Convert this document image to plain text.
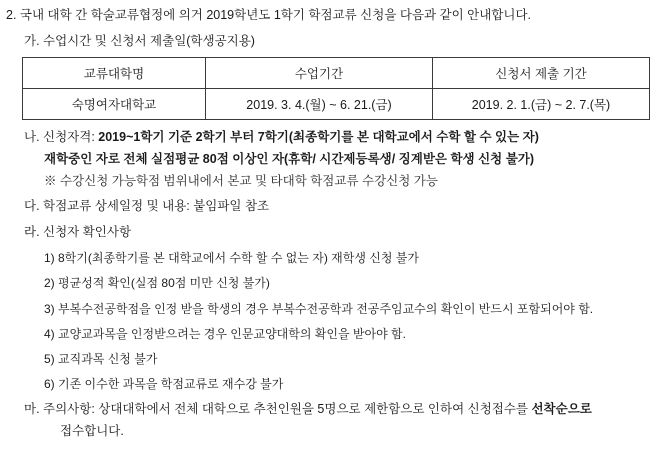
2. 국내 대학 간 학술교류협정에 의거 2019학년도 1학기 학점교류 신청을 다음과 같이 안내합니다.
가. 수업시간 및 신청서 제출일(학생공지용)
교류대학명	수업기간	신청서 제출 기간
숙명여자대학교	2019. 3. 4.(월) ~ 6. 21.(금)	2019. 2. 1.(금) ~ 2. 7.(목)
나. 신청자격: 2019~1학기 기준 2학기 부터 7학기(최종학기를 본 대학교에서 수학 할 수 있는 자)
재학중인 자로 전체 실점평균 80점 이상인 자(휴학/ 시간제등록생/ 징계받은 학생 신청 불가)
※ 수강신청 가능학점 범위내에서 본교 및 타대학 학점교류 수강신청 가능
다. 학점교류 상세일정 및 내용: 붙임파일 참조
라. 신청자 확인사항
1) 8학기(최종학기를 본 대학교에서 수학 할 수 없는 자) 재학생 신청 불가
2) 평균성적 확인(실점 80점 미만 신청 불가)
3) 부복수전공학점을 인정 받을 학생의 경우 부복수전공학과 전공주임교수의 확인이 반드시 포함되어야 함.
4) 교양교과목을 인정받으려는 경우 인문교양대학의 확인을 받아야 함.
5) 교직과목 신청 불가
6) 기존 이수한 과목을 학점교류로 재수강 불가
마. 주의사항: 상대대학에서 전체 대학으로 추천인원을 5명으로 제한함으로 인하여 신청접수를 선착순으로
접수합니다.
